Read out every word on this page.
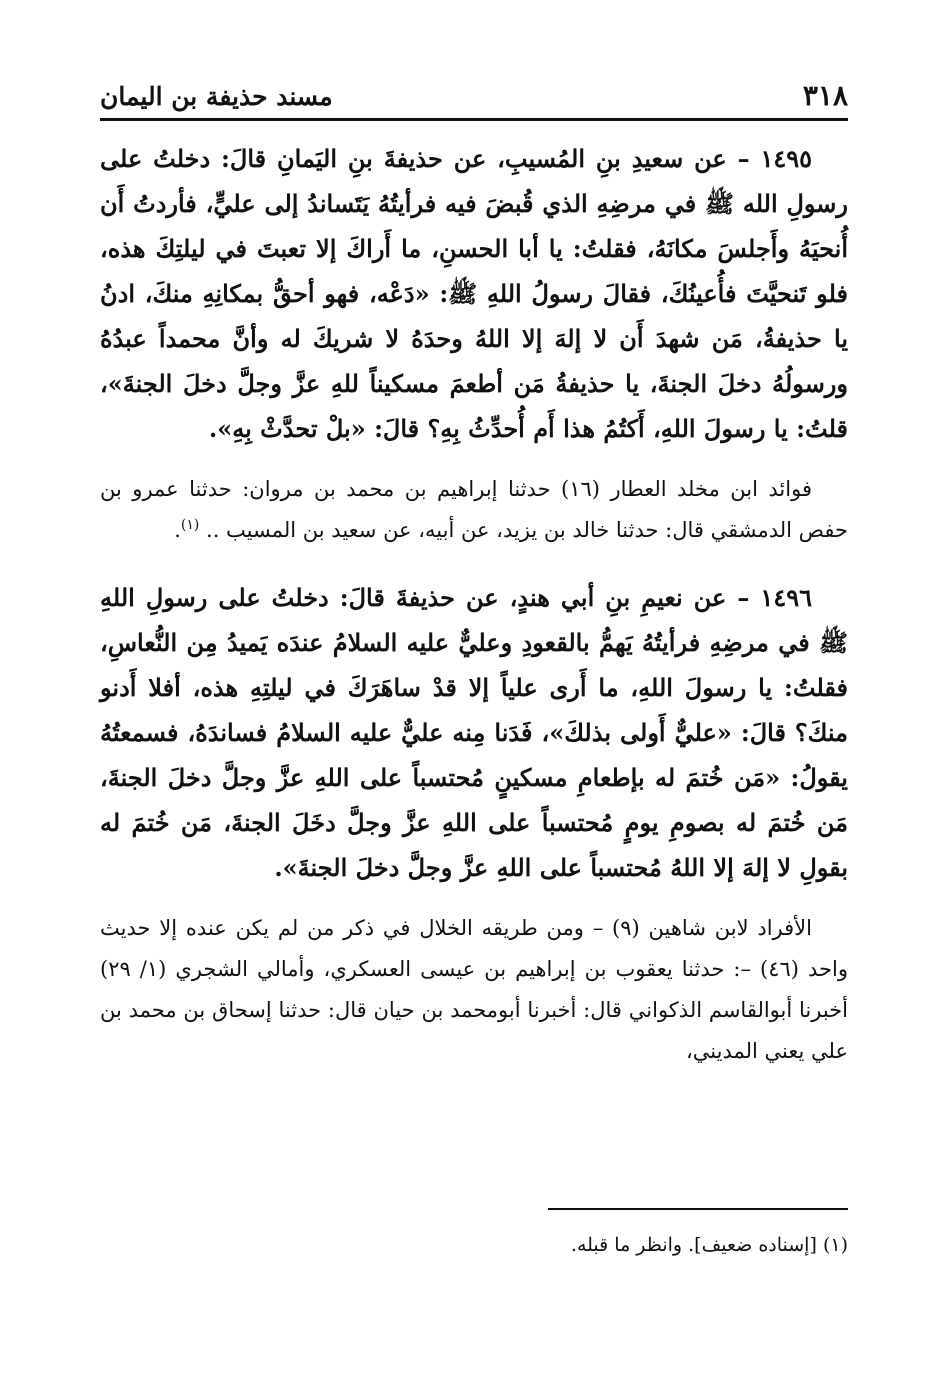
٣١٨
مسند حذيفة بن اليمان

١٤٩٥ – عن سعيدِ بنِ المُسيبِ، عن حذيفةَ بنِ اليَمانِ قالَ: دخلتُ على رسولِ الله ﷺ في مرضِهِ الذي قُبضَ فيه فرأيتُهُ يَتَساندُ إلى عليٍّ، فأردتُ أَن أُنحيَهُ وأَجلسَ مكانَهُ، فقلتُ: يا أبا الحسنِ، ما أَراكَ إلا تعبتَ في ليلتِكَ هذه، فلو تَنحيَّتَ فأُعينُكَ، فقالَ رسولُ اللهِ ﷺ: «دَعْه، فهو أحقُّ بمكانِهِ منكَ، ادنُ يا حذيفةُ، مَن شهدَ أَن لا إلهَ إلا اللهُ وحدَهُ لا شريكَ له وأنَّ محمداً عبدُهُ ورسولُهُ دخلَ الجنةَ، يا حذيفةُ مَن أطعمَ مسكيناً للهِ عزَّ وجلَّ دخلَ الجنةَ»، قلتُ: يا رسولَ اللهِ، أَكتُمُ هذا أَم أُحدِّثُ بِهِ؟ قالَ: «بلْ تحدَّثْ بِهِ».

فوائد ابن مخلد العطار (١٦) حدثنا إبراهيم بن محمد بن مروان: حدثنا عمرو بن حفص الدمشقي قال: حدثنا خالد بن يزيد، عن أبيه، عن سعيد بن المسيب .. $^{(١)}$.

١٤٩٦ – عن نعيمِ بنِ أبي هندٍ، عن حذيفةَ قالَ: دخلتُ على رسولِ اللهِ ﷺ في مرضِهِ فرأيتُهُ يَهمُّ بالقعودِ وعليٌّ عليه السلامُ عندَه يَميدُ مِن النُّعاسِ، فقلتُ: يا رسولَ اللهِ، ما أَرى علياً إلا قدْ ساهَرَكَ في ليلتِهِ هذه، أفلا أَدنو منكَ؟ قالَ: «عليٌّ أَولى بذلكَ»، فَدَنا مِنه عليٌّ عليه السلامُ فساندَهُ، فسمعتُهُ يقولُ: «مَن خُتمَ له بإطعامِ مسكينٍ مُحتسباً على اللهِ عزَّ وجلَّ دخلَ الجنةَ، مَن خُتمَ له بصومِ يومٍ مُحتسباً على اللهِ عزَّ وجلَّ دخَلَ الجنةَ، مَن خُتمَ له بقولِ لا إلهَ إلا اللهُ مُحتسباً على اللهِ عزَّ وجلَّ دخلَ الجنةَ».

الأفراد لابن شاهين (٩) – ومن طريقه الخلال في ذكر من لم يكن عنده إلا حديث واحد (٤٦) –: حدثنا يعقوب بن إبراهيم بن عيسى العسكري، وأمالي الشجري (١/ ٢٩) أخبرنا أبوالقاسم الذكواني قال: أخبرنا أبومحمد بن حيان قال: حدثنا إسحاق بن محمد بن علي يعني المديني،

(١) [إسناده ضعيف]. وانظر ما قبله.
